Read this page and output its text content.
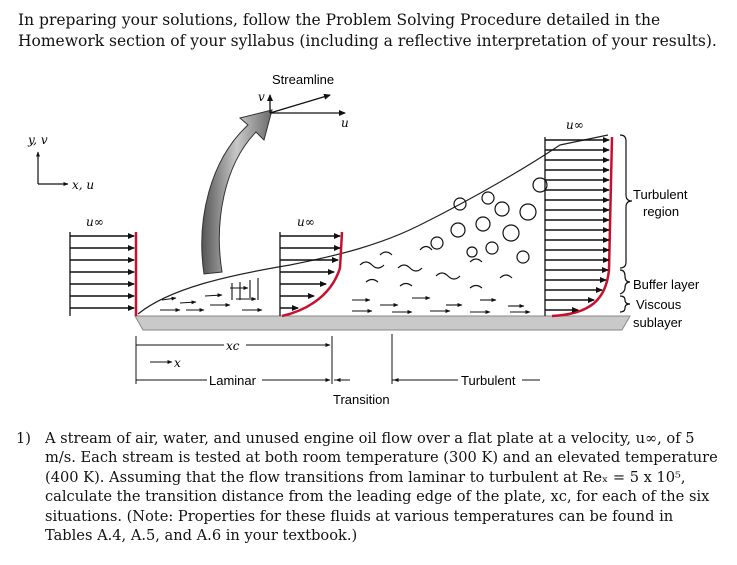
In preparing your solutions, follow the Problem Solving Procedure detailed in the Homework section of your syllabus (including a reflective interpretation of your results).
Streamline
v
u
y, v
x, u
u∞	u∞
u∞
Turbulent
region
Buffer layer
Viscous
sublayer
xc
x
Laminar	Turbulent
Transition
1) A stream of air, water, and unused engine oil flow over a flat plate at a velocity, u∞, of 5 m/s. Each stream is tested at both room temperature (300 K) and an elevated temperature (400 K). Assuming that the flow transitions from laminar to turbulent at Reₓ = 5 x 10⁵, calculate the transition distance from the leading edge of the plate, xc, for each of the six situations. (Note: Properties for these fluids at various temperatures can be found in Tables A.4, A.5, and A.6 in your textbook.)
